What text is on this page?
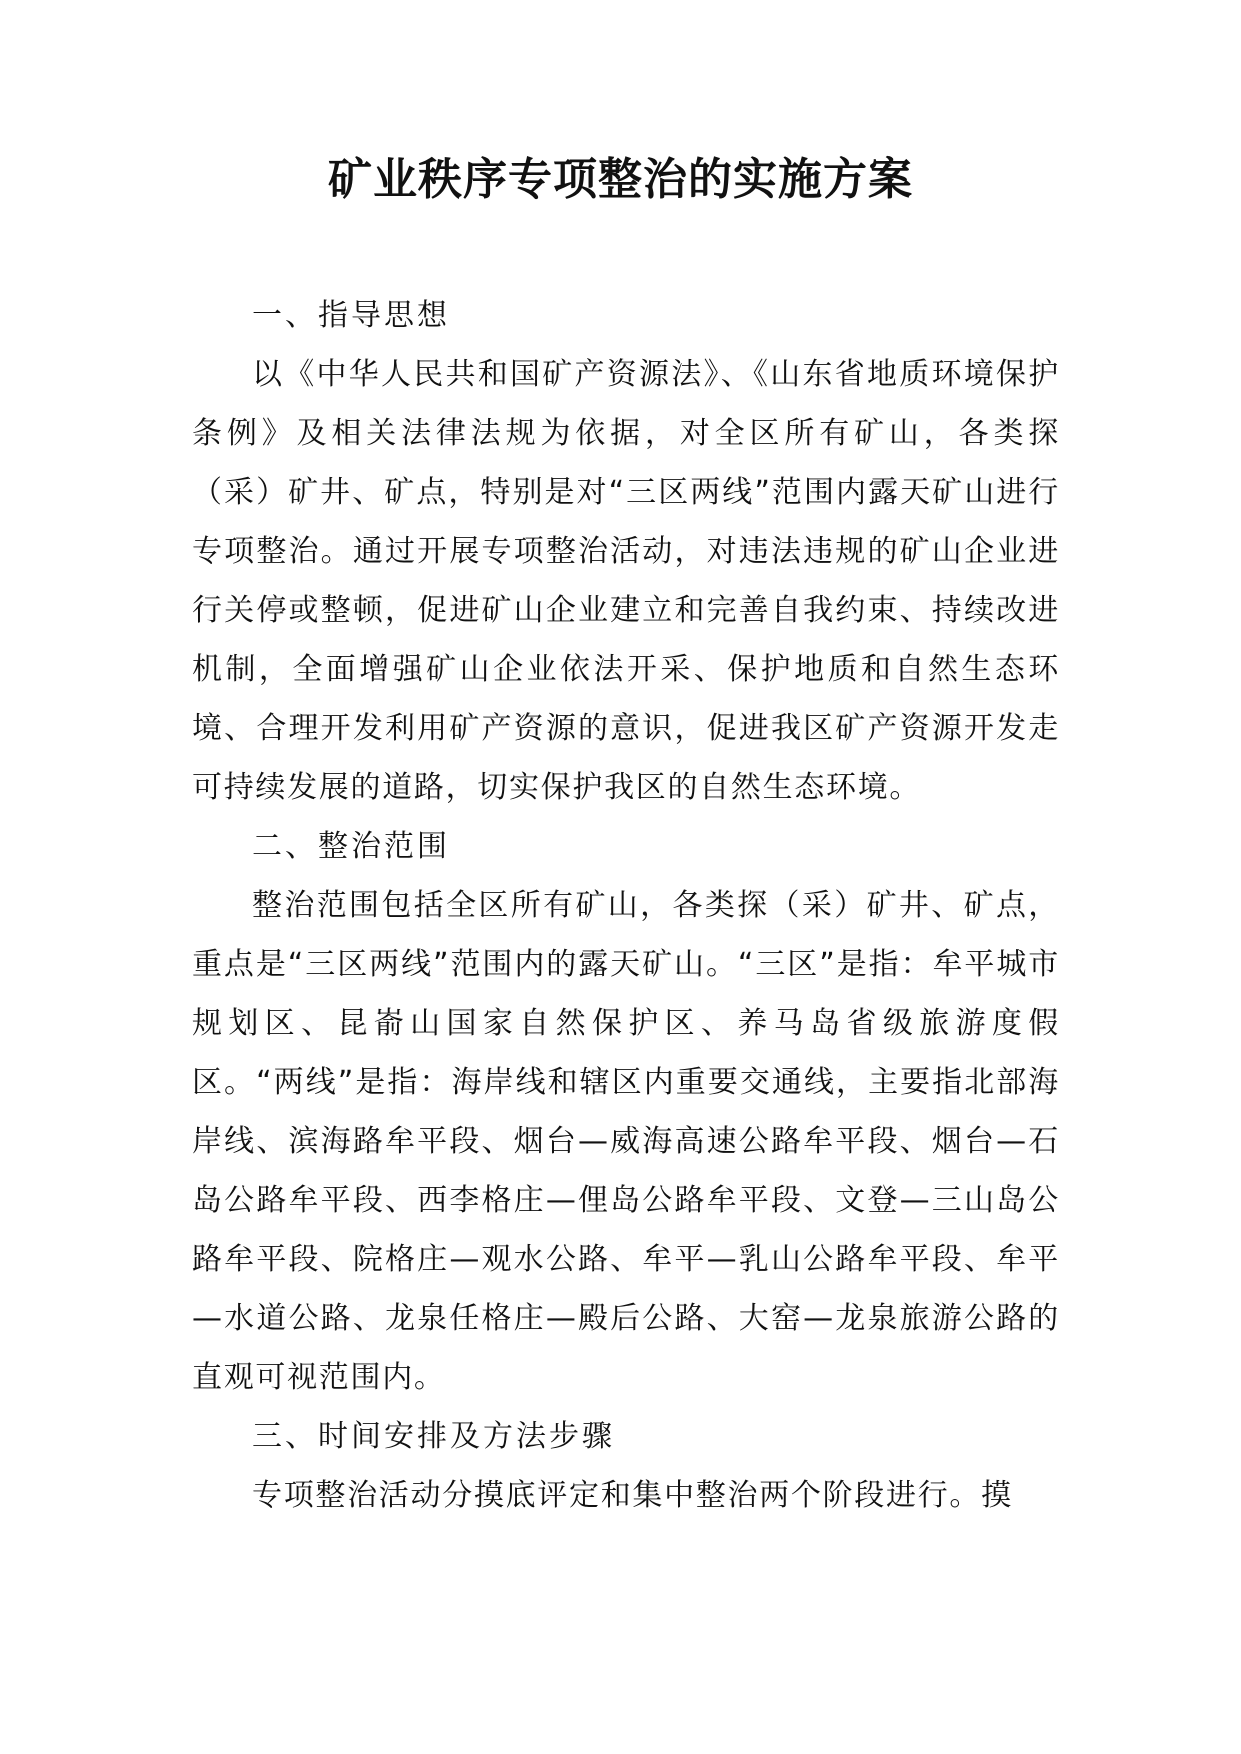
矿业秩序专项整治的实施方案

一、指导思想

以《中华人民共和国矿产资源法》、《山东省地质环境保护条例》及相关法律法规为依据，对全区所有矿山，各类探（采）矿井、矿点，特别是对“三区两线”范围内露天矿山进行专项整治。通过开展专项整治活动，对违法违规的矿山企业进行关停或整顿，促进矿山企业建立和完善自我约束、持续改进机制，全面增强矿山企业依法开采、保护地质和自然生态环境、合理开发利用矿产资源的意识，促进我区矿产资源开发走可持续发展的道路，切实保护我区的自然生态环境。

二、整治范围

整治范围包括全区所有矿山，各类探（采）矿井、矿点，重点是“三区两线”范围内的露天矿山。“三区”是指：牟平城市规划区、昆嵛山国家自然保护区、养马岛省级旅游度假区。“两线”是指：海岸线和辖区内重要交通线，主要指北部海岸线、滨海路牟平段、烟台—威海高速公路牟平段、烟台—石岛公路牟平段、西李格庄—俚岛公路牟平段、文登—三山岛公路牟平段、院格庄—观水公路、牟平—乳山公路牟平段、牟平—水道公路、龙泉任格庄—殿后公路、大窑—龙泉旅游公路的直观可视范围内。

三、时间安排及方法步骤

专项整治活动分摸底评定和集中整治两个阶段进行。摸
